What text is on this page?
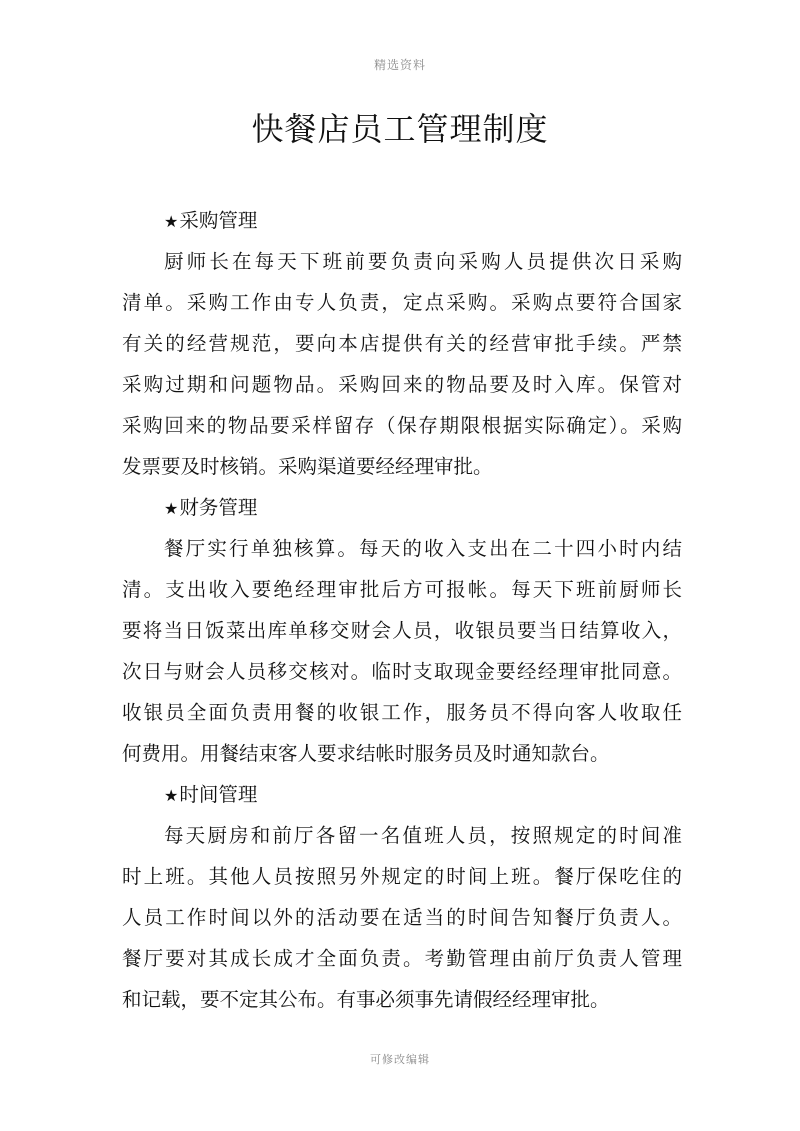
精选资料
快餐店员工管理制度
★采购管理
厨师长在每天下班前要负责向采购人员提供次日采购
清单。采购工作由专人负责，定点采购。采购点要符合国家
有关的经营规范，要向本店提供有关的经营审批手续。严禁
采购过期和问题物品。采购回来的物品要及时入库。保管对
采购回来的物品要采样留存（保存期限根据实际确定）。采购
发票要及时核销。采购渠道要经经理审批。
★财务管理
餐厅实行单独核算。每天的收入支出在二十四小时内结
清。支出收入要绝经理审批后方可报帐。每天下班前厨师长
要将当日饭菜出库单移交财会人员，收银员要当日结算收入，
次日与财会人员移交核对。临时支取现金要经经理审批同意。
收银员全面负责用餐的收银工作，服务员不得向客人收取任
何费用。用餐结束客人要求结帐时服务员及时通知款台。
★时间管理
每天厨房和前厅各留一名值班人员，按照规定的时间准
时上班。其他人员按照另外规定的时间上班。餐厅保吃住的
人员工作时间以外的活动要在适当的时间告知餐厅负责人。
餐厅要对其成长成才全面负责。考勤管理由前厅负责人管理
和记载，要不定其公布。有事必须事先请假经经理审批。
可修改编辑
